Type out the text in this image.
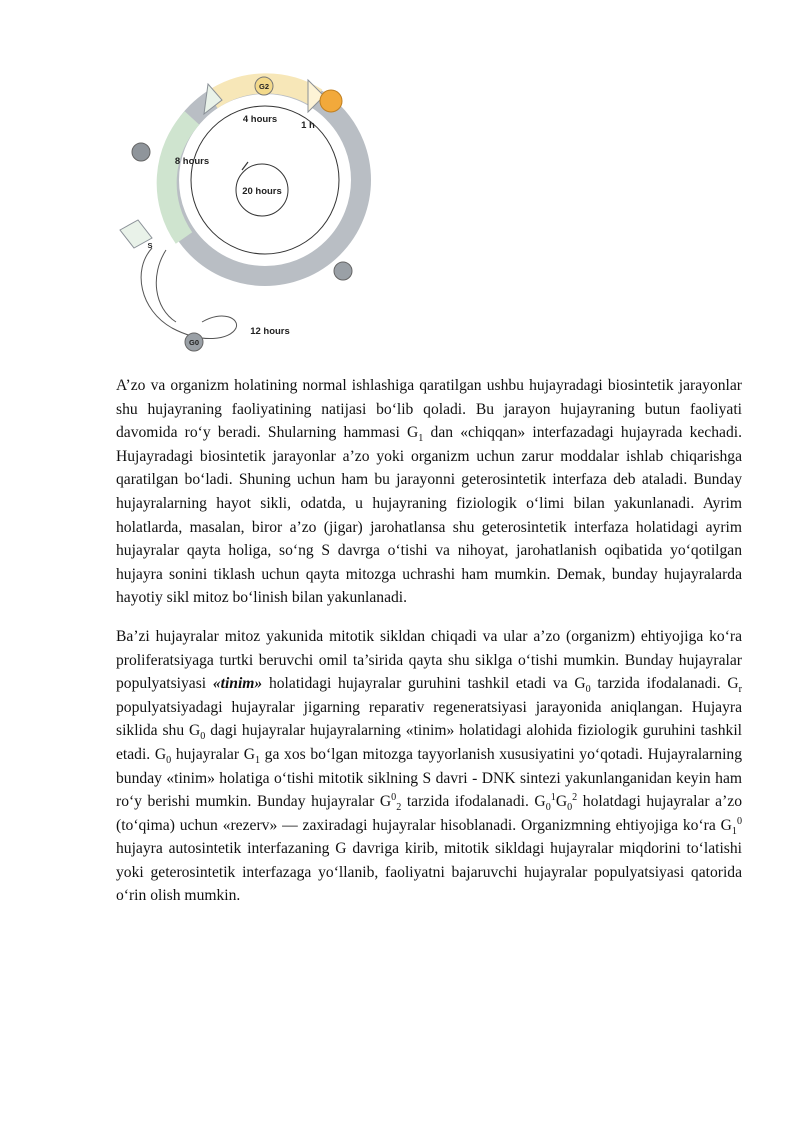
20 hours
G2
4 hours
1 h
8 hours
S
G0
12 hours

A’zo va organizm holatining normal ishlashiga qaratilgan ushbu hujayradagi biosintetik jarayonlar shu hujayraning faoliyatining natijasi bo‘lib qoladi. Bu jarayon hujayraning butun faoliyati davomida ro‘y beradi. Shularning hammasi $G_1$ dan «chiqqan» interfazadagi hujayrada kechadi. Hujayradagi biosintetik jarayonlar a’zo yoki organizm uchun zarur moddalar ishlab chiqarishga qaratilgan bo‘ladi. Shuning uchun ham bu jarayonni geterosintetik interfaza deb ataladi. Bunday hujayralarning hayot sikli, odatda, u hujayraning fiziologik o‘limi bilan yakunlanadi. Ayrim holatlarda, masalan, biror a’zo (jigar) jarohatlansa shu geterosintetik interfaza holatidagi ayrim hujayralar qayta holiga, so‘ng S davrga o‘tishi va nihoyat, jarohatlanish oqibatida yo‘qotilgan hujayra sonini tiklash uchun qayta mitozga uchrashi ham mumkin. Demak, bunday hujayralarda hayotiy sikl mitoz bo‘linish bilan yakunlanadi.

Ba’zi hujayralar mitoz yakunida mitotik sikldan chiqadi va ular a’zo (organizm) ehtiyojiga ko‘ra proliferatsiyaga turtki beruvchi omil ta’sirida qayta shu siklga o‘tishi mumkin. Bunday hujayralar populyatsiyasi «tinim» holatidagi hujayralar guruhini tashkil etadi va $G_0$ tarzida ifodalanadi. $G_r$ populyatsiyadagi hujayralar jigarning reparativ regeneratsiyasi jarayonida aniqlangan. Hujayra siklida shu $G_0$ dagi hujayralar hujayralarning «tinim» holatidagi alohida fiziologik guruhini tashkil etadi. $G_0$ hujayralar $G_1$ ga xos bo‘lgan mitozga tayyorlanish xususiyatini yo‘qotadi. Hujayralarning bunday «tinim» holatiga o‘tishi mitotik siklning S davri - DNK sintezi yakunlanganidan keyin ham ro‘y berishi mumkin. Bunday hujayralar $G^0_2$ tarzida ifodalanadi. $G_0^1G_0^2$ holatdagi hujayralar a’zo (to‘qima) uchun «rezerv» — zaxiradagi hujayralar hisoblanadi. Organizmning ehtiyojiga ko‘ra $G_1^0$ hujayra autosintetik interfazaning G davriga kirib, mitotik sikldagi hujayralar miqdorini to‘latishi yoki geterosintetik interfazaga yo‘llanib, faoliyatni bajaruvchi hujayralar populyatsiyasi qatorida o‘rin olish mumkin.
